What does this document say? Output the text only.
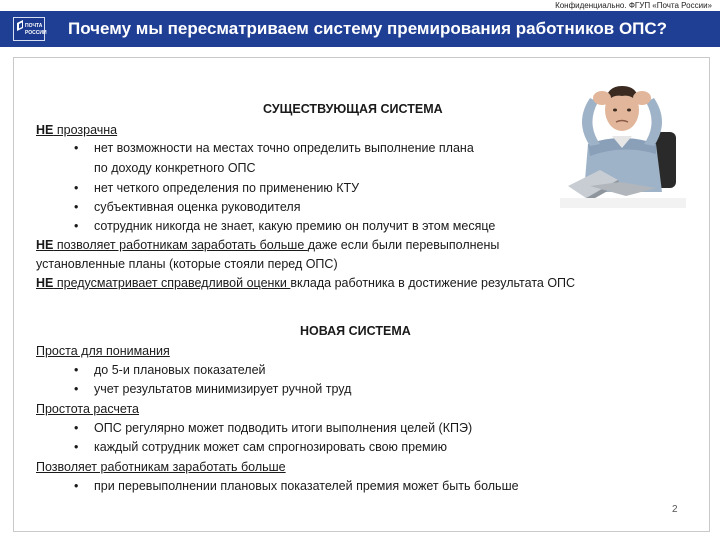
Конфиденциально. ФГУП «Почта России»
ПОЧТА
РОССИИ Почему мы пересматриваем систему премирования работников ОПС?
СУЩЕСТВУЮЩАЯ СИСТЕМА
НЕ прозрачна
• нет возможности на местах точно определить выполнение плана
по доходу конкретного ОПС
• нет четкого определения по применению КТУ
• субъективная оценка руководителя
• сотрудник никогда не знает, какую премию он получит в этом месяце
НЕ позволяет работникам заработать больше даже если были перевыполнены
установленные планы (которые стояли перед ОПС)
НЕ предусматривает справедливой оценки вклада работника в достижение результата ОПС
НОВАЯ СИСТЕМА
Проста для понимания
• до 5-и плановых показателей
• учет результатов минимизирует ручной труд
Простота расчета
• ОПС регулярно может подводить итоги выполнения целей (КПЭ)
• каждый сотрудник может сам спрогнозировать свою премию
Позволяет работникам заработать больше
• при перевыполнении плановых показателей премия может быть больше
2
